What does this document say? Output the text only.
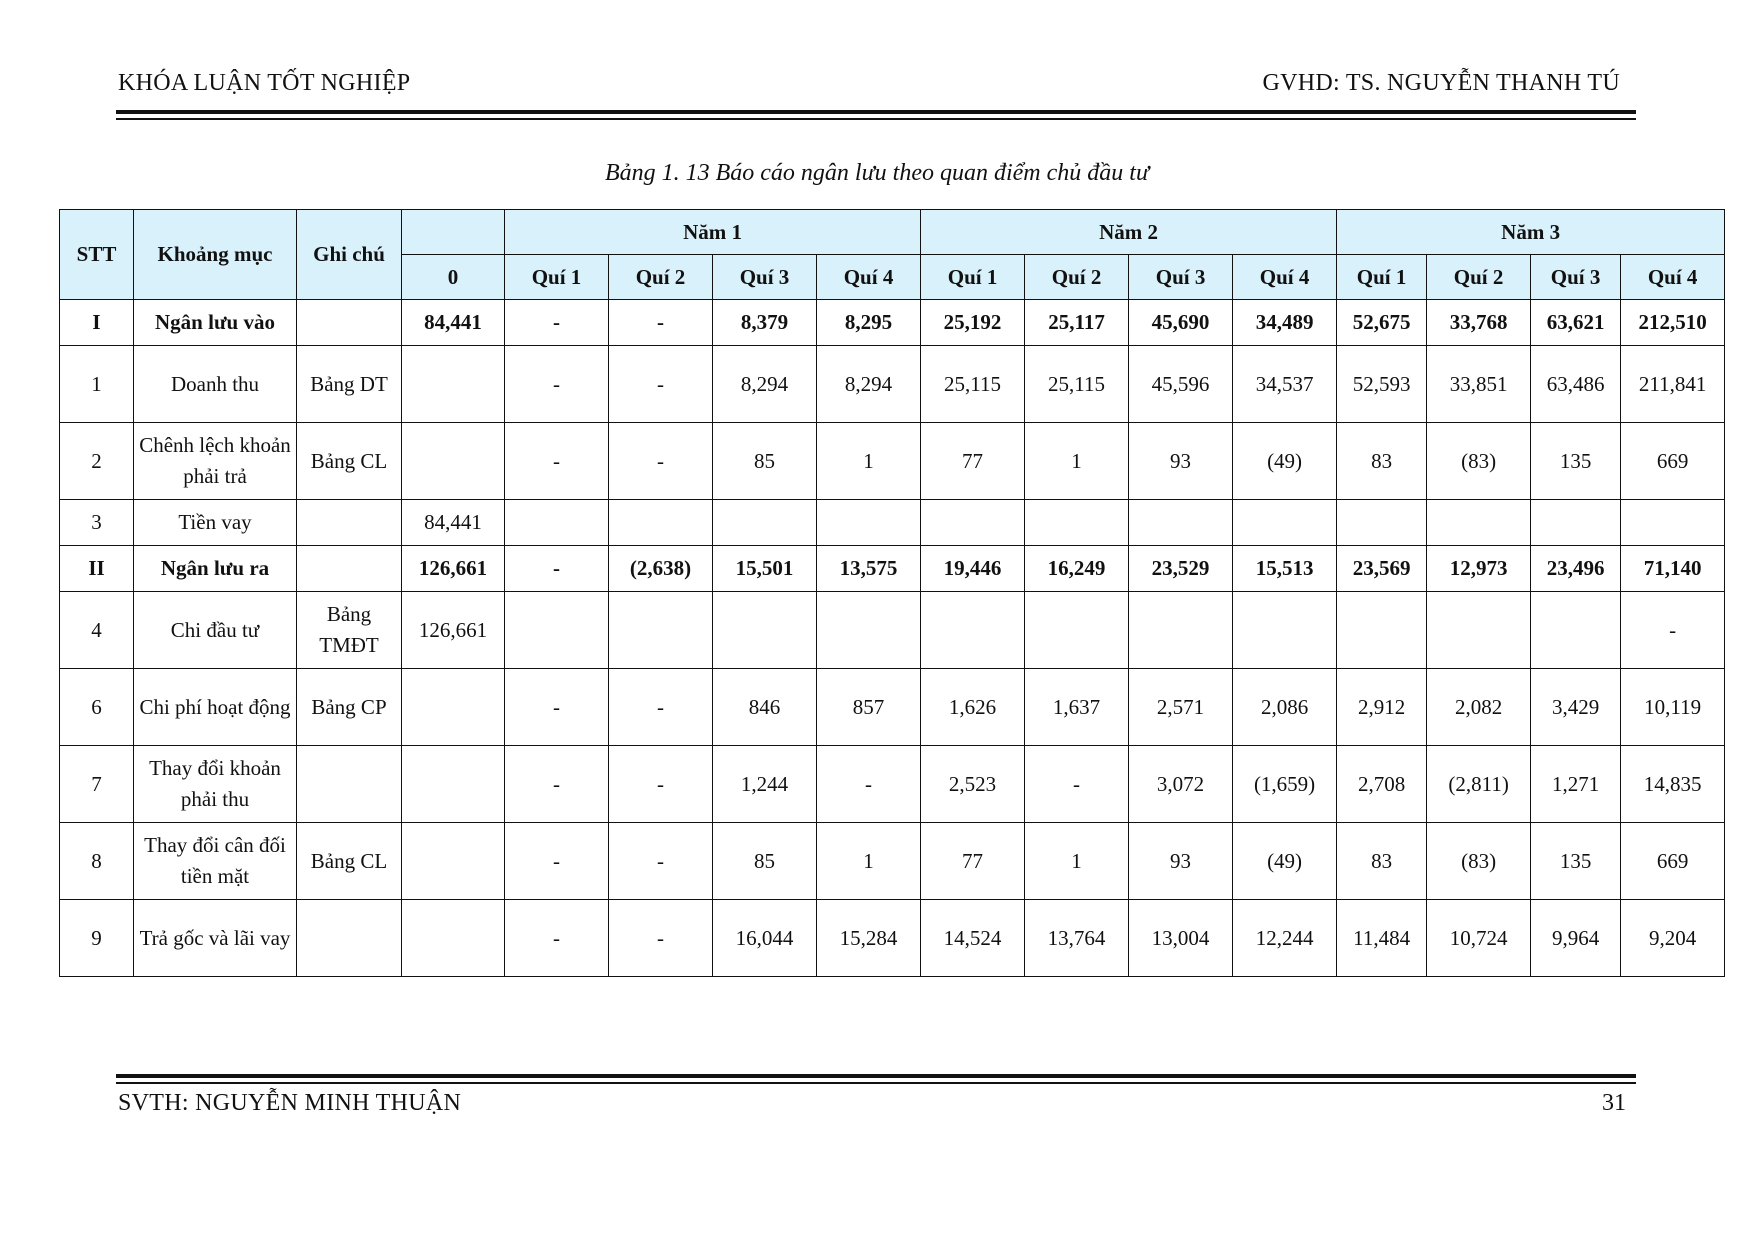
KHÓA LUẬN TỐT NGHIỆP	GVHD: TS. NGUYỄN THANH TÚ
Bảng 1. 13 Báo cáo ngân lưu theo quan điểm chủ đầu tư
STT	Khoảng mục	Ghi chú		Năm 1				Năm 2				Năm 3			
			0	Quí 1	Quí 2	Quí 3	Quí 4	Quí 1	Quí 2	Quí 3	Quí 4	Quí 1	Quí 2	Quí 3	Quí 4
I	Ngân lưu vào		84,441	-	-	8,379	8,295	25,192	25,117	45,690	34,489	52,675	33,768	63,621	212,510
1	Doanh thu	Bảng DT		-	-	8,294	8,294	25,115	25,115	45,596	34,537	52,593	33,851	63,486	211,841
2	Chênh lệch khoản phải trả	Bảng CL		-	-	85	1	77	1	93	(49)	83	(83)	135	669
3	Tiền vay		84,441												
II	Ngân lưu ra		126,661	-	(2,638)	15,501	13,575	19,446	16,249	23,529	15,513	23,569	12,973	23,496	71,140
4	Chi đầu tư	Bảng TMĐT	126,661												-
6	Chi phí hoạt động	Bảng CP		-	-	846	857	1,626	1,637	2,571	2,086	2,912	2,082	3,429	10,119
7	Thay đổi khoản phải thu			-	-	1,244	-	2,523	-	3,072	(1,659)	2,708	(2,811)	1,271	14,835
8	Thay đổi cân đối tiền mặt	Bảng CL		-	-	85	1	77	1	93	(49)	83	(83)	135	669
9	Trả gốc và lãi vay			-	-	16,044	15,284	14,524	13,764	13,004	12,244	11,484	10,724	9,964	9,204
SVTH: NGUYỄN MINH THUẬN	31
